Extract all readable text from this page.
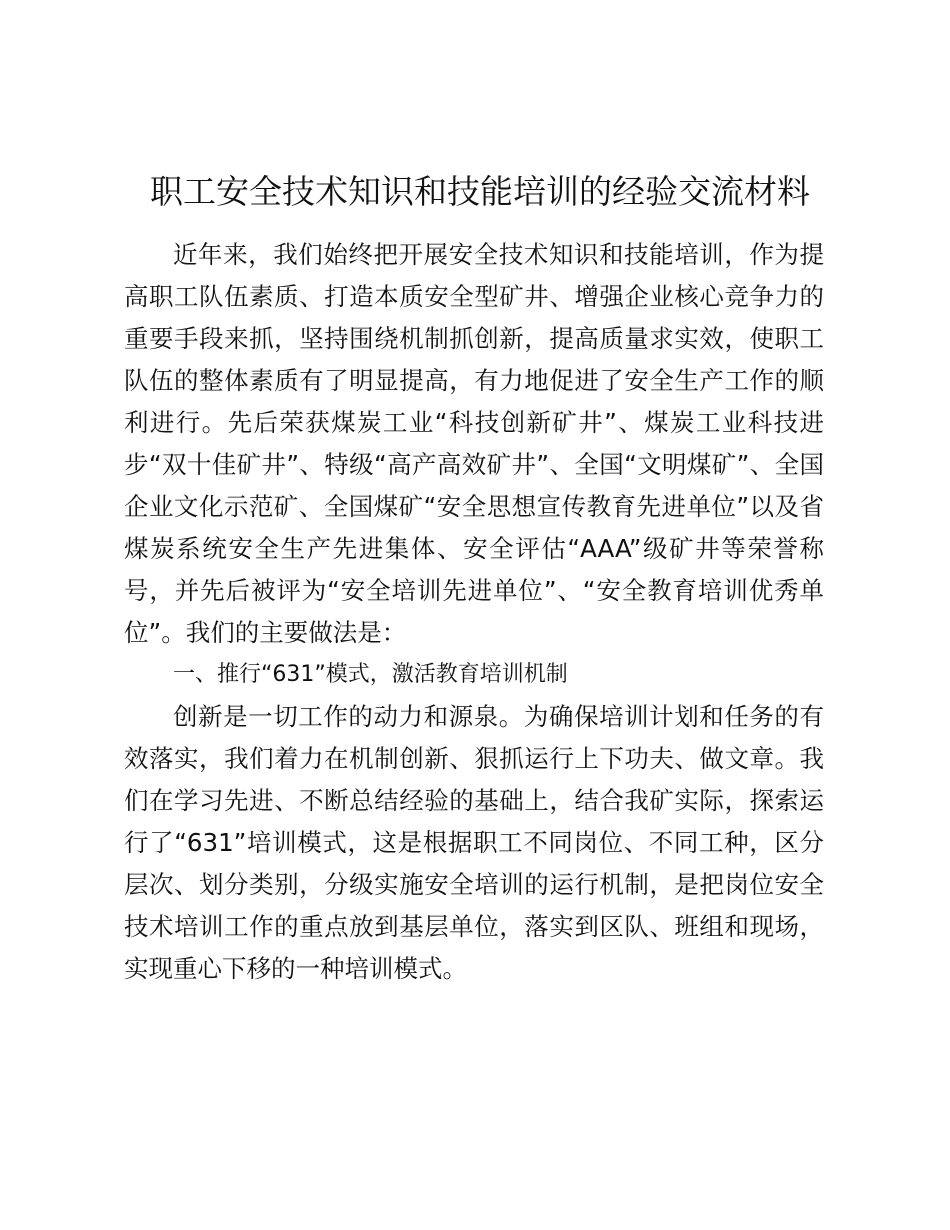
职工安全技术知识和技能培训的经验交流材料

近年来，我们始终把开展安全技术知识和技能培训，作为提高职工队伍素质、打造本质安全型矿井、增强企业核心竞争力的重要手段来抓，坚持围绕机制抓创新，提高质量求实效，使职工队伍的整体素质有了明显提高，有力地促进了安全生产工作的顺利进行。先后荣获煤炭工业“科技创新矿井”、煤炭工业科技进步“双十佳矿井”、特级“高产高效矿井”、全国“文明煤矿”、全国企业文化示范矿、全国煤矿“安全思想宣传教育先进单位”以及省煤炭系统安全生产先进集体、安全评估“AAA”级矿井等荣誉称号，并先后被评为“安全培训先进单位”、“安全教育培训优秀单位”。我们的主要做法是：

一、推行“631”模式，激活教育培训机制

创新是一切工作的动力和源泉。为确保培训计划和任务的有效落实，我们着力在机制创新、狠抓运行上下功夫、做文章。我们在学习先进、不断总结经验的基础上，结合我矿实际，探索运行了“631”培训模式，这是根据职工不同岗位、不同工种，区分层次、划分类别，分级实施安全培训的运行机制，是把岗位安全技术培训工作的重点放到基层单位，落实到区队、班组和现场，实现重心下移的一种培训模式。
